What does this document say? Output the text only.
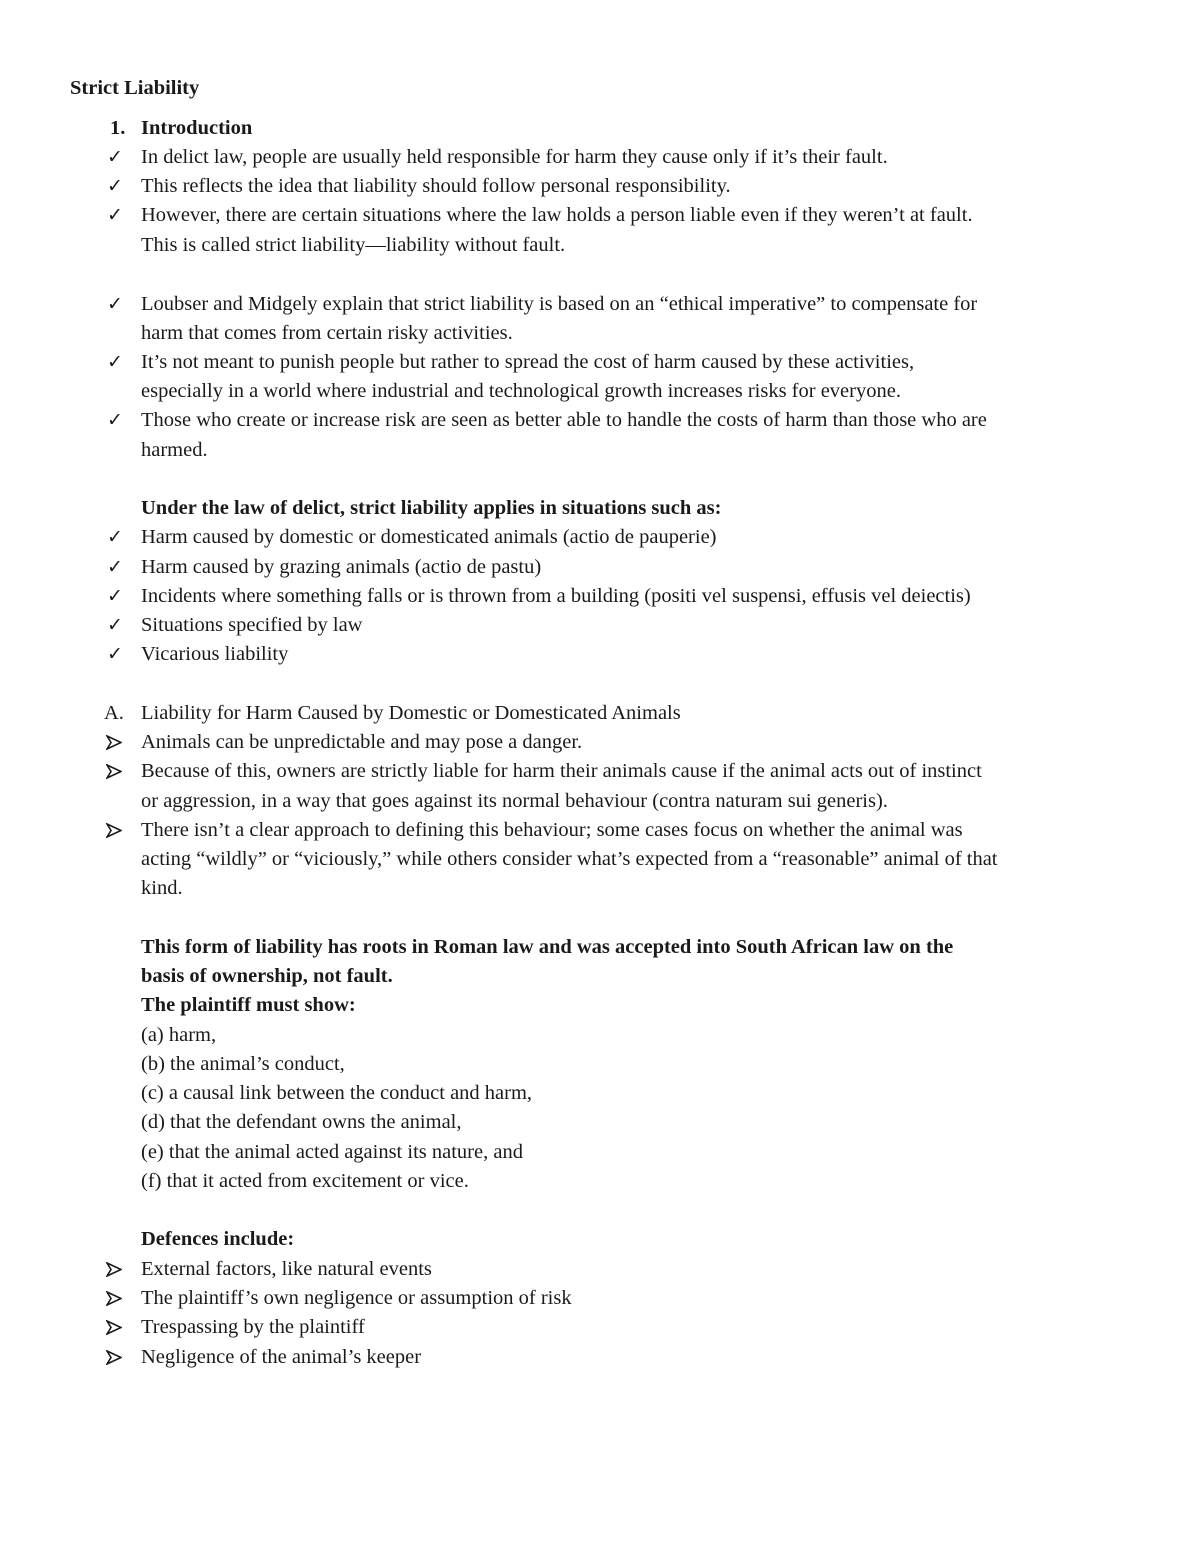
Strict Liability
1. Introduction
✓ In delict law, people are usually held responsible for harm they cause only if it’s their fault.
✓ This reflects the idea that liability should follow personal responsibility.
✓ However, there are certain situations where the law holds a person liable even if they weren’t at fault.
This is called strict liability—liability without fault.
✓ Loubser and Midgely explain that strict liability is based on an “ethical imperative” to compensate for
harm that comes from certain risky activities.
✓ It’s not meant to punish people but rather to spread the cost of harm caused by these activities,
especially in a world where industrial and technological growth increases risks for everyone.
✓ Those who create or increase risk are seen as better able to handle the costs of harm than those who are
harmed.
Under the law of delict, strict liability applies in situations such as:
✓ Harm caused by domestic or domesticated animals (actio de pauperie)
✓ Harm caused by grazing animals (actio de pastu)
✓ Incidents where something falls or is thrown from a building (positi vel suspensi, effusis vel deiectis)
✓ Situations specified by law
✓ Vicarious liability
A. Liability for Harm Caused by Domestic or Domesticated Animals
Animals can be unpredictable and may pose a danger.
Because of this, owners are strictly liable for harm their animals cause if the animal acts out of instinct
or aggression, in a way that goes against its normal behaviour (contra naturam sui generis).
There isn’t a clear approach to defining this behaviour; some cases focus on whether the animal was
acting “wildly” or “viciously,” while others consider what’s expected from a “reasonable” animal of that
kind.
This form of liability has roots in Roman law and was accepted into South African law on the
basis of ownership, not fault.
The plaintiff must show:
(a) harm,
(b) the animal’s conduct,
(c) a causal link between the conduct and harm,
(d) that the defendant owns the animal,
(e) that the animal acted against its nature, and
(f) that it acted from excitement or vice.
Defences include:
External factors, like natural events
The plaintiff’s own negligence or assumption of risk
Trespassing by the plaintiff
Negligence of the animal’s keeper
